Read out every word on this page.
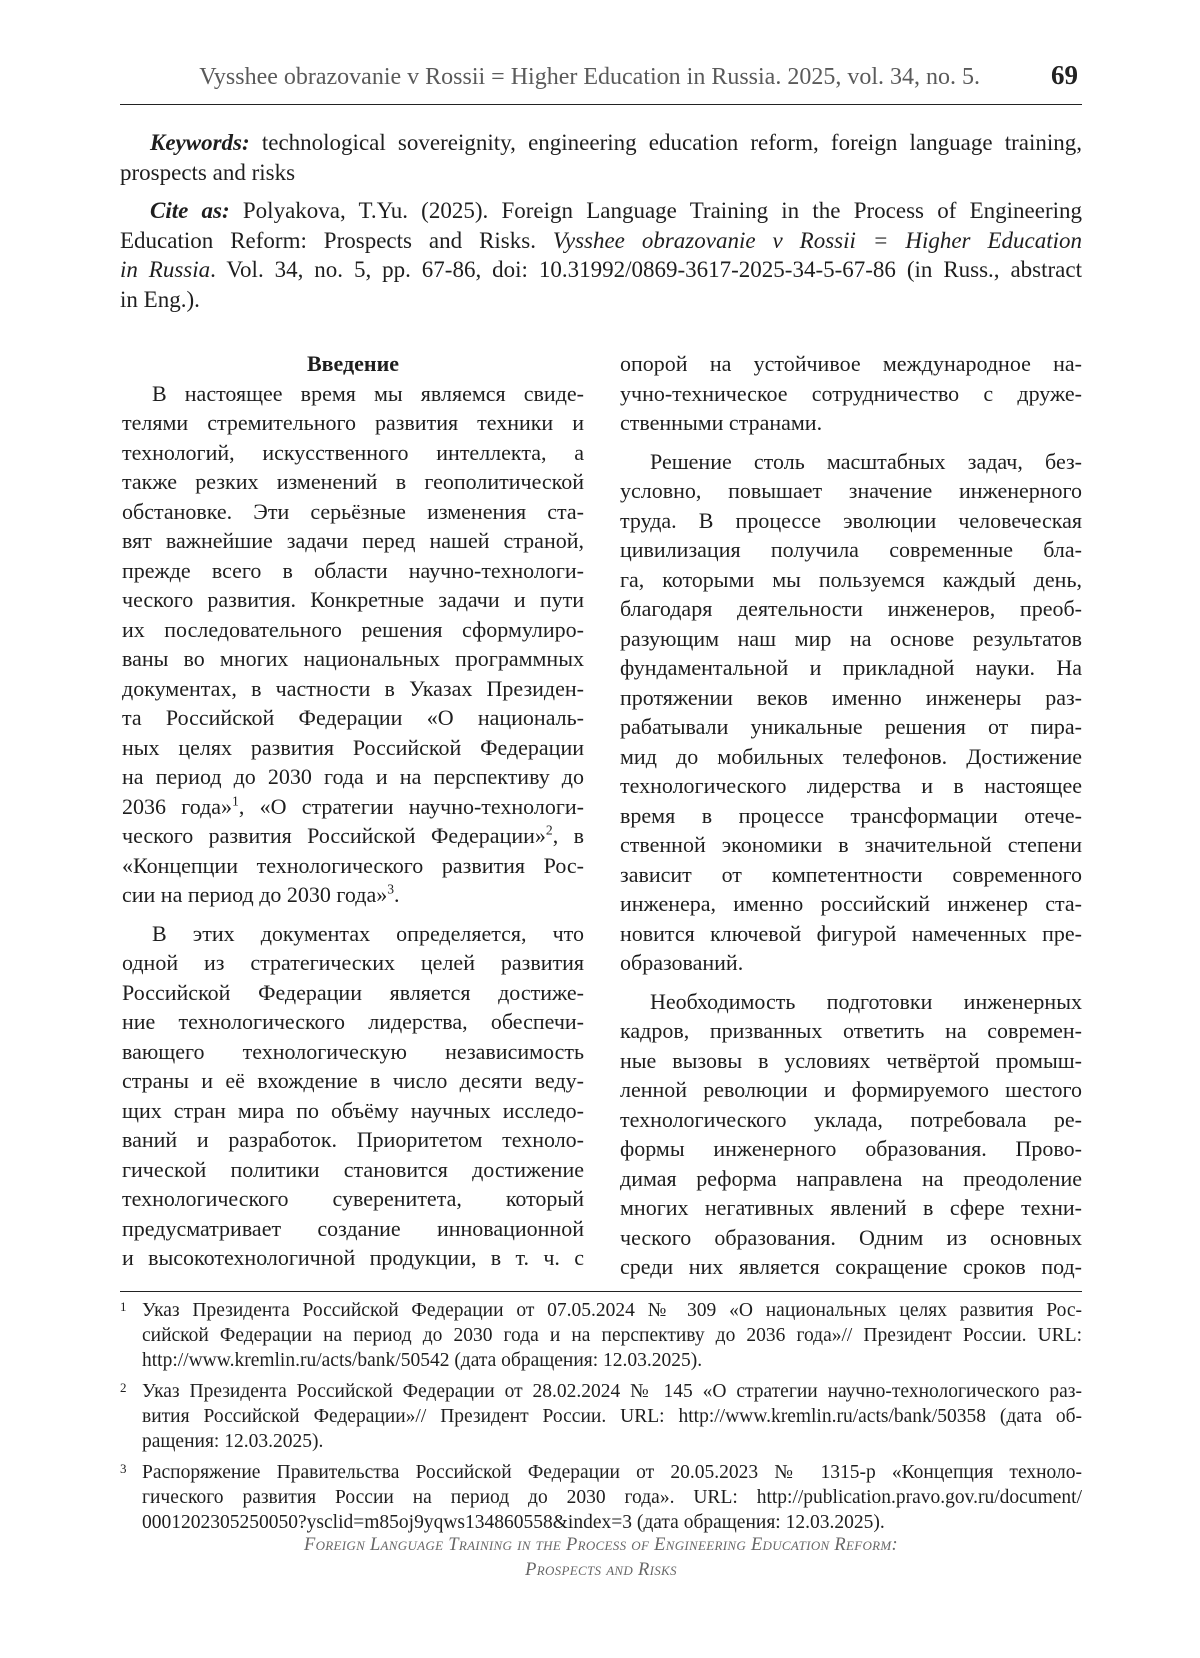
Vysshee obrazovanie v Rossii = Higher Education in Russia. 2025, vol. 34, no. 5.	69
Keywords: technological sovereignity, engineering education reform, foreign language training,
prospects and risks
Cite as: Polyakova, T.Yu. (2025). Foreign Language Training in the Process of Engineering
Education Reform: Prospects and Risks. Vysshee obrazovanie v Rossii = Higher Education
in Russia. Vol. 34, no. 5, pp. 67-86, doi: 10.31992/0869-3617-2025-34-5-67-86 (in Russ., abstract
in Eng.).
Введение
В настоящее время мы являемся свиде-
телями стремительного развития техники и
технологий, искусственного интеллекта, а
также резких изменений в геополитической
обстановке. Эти серьёзные изменения ста-
вят важнейшие задачи перед нашей страной,
прежде всего в области научно-технологи-
ческого развития. Конкретные задачи и пути
их последовательного решения сформулиро-
ваны во многих национальных программных
документах, в частности в Указах Президен-
та Российской Федерации «О националь-
ных целях развития Российской Федерации
на период до 2030 года и на перспективу до
2036 года»$^1$, «О стратегии научно-технологи-
ческого развития Российской Федерации»$^2$, в
«Концепции технологического развития Рос-
сии на период до 2030 года»$^3$.
В этих документах определяется, что
одной из стратегических целей развития
Российской Федерации является достиже-
ние технологического лидерства, обеспечи-
вающего технологическую независимость
страны и её вхождение в число десяти веду-
щих стран мира по объёму научных исследо-
ваний и разработок. Приоритетом техноло-
гической политики становится достижение
технологического суверенитета, который
предусматривает создание инновационной
и высокотехнологичной продукции, в т. ч. с
опорой на устойчивое международное на-
учно-техническое сотрудничество с друже-
ственными странами.
Решение столь масштабных задач, без-
условно, повышает значение инженерного
труда. В процессе эволюции человеческая
цивилизация получила современные бла-
га, которыми мы пользуемся каждый день,
благодаря деятельности инженеров, преоб-
разующим наш мир на основе результатов
фундаментальной и прикладной науки. На
протяжении веков именно инженеры раз-
рабатывали уникальные решения от пира-
мид до мобильных телефонов. Достижение
технологического лидерства и в настоящее
время в процессе трансформации отече-
ственной экономики в значительной степени
зависит от компетентности современного
инженера, именно российский инженер ста-
новится ключевой фигурой намеченных пре-
образований.
Необходимость подготовки инженерных
кадров, призванных ответить на современ-
ные вызовы в условиях четвёртой промыш-
ленной революции и формируемого шестого
технологического уклада, потребовала ре-
формы инженерного образования. Прово-
димая реформа направлена на преодоление
многих негативных явлений в сфере техни-
ческого образования. Одним из основных
среди них является сокращение сроков под-
1 Указ Президента Российской Федерации от 07.05.2024 № 309 «О национальных целях развития Рос-
сийской Федерации на период до 2030 года и на перспективу до 2036 года»// Президент России. URL:
http://www.kremlin.ru/acts/bank/50542 (дата обращения: 12.03.2025).
2 Указ Президента Российской Федерации от 28.02.2024 № 145 «О стратегии научно-технологического раз-
вития Российской Федерации»// Президент России. URL: http://www.kremlin.ru/acts/bank/50358 (дата об-
ращения: 12.03.2025).
3 Распоряжение Правительства Российской Федерации от 20.05.2023 № 1315-р «Концепция техноло-
гического развития России на период до 2030 года». URL: http://publication.pravo.gov.ru/document/
0001202305250050?ysclid=m85oj9yqws134860558&index=3 (дата обращения: 12.03.2025).
Foreign Language Training in the Process of Engineering Education Reform:
Prospects and Risks
